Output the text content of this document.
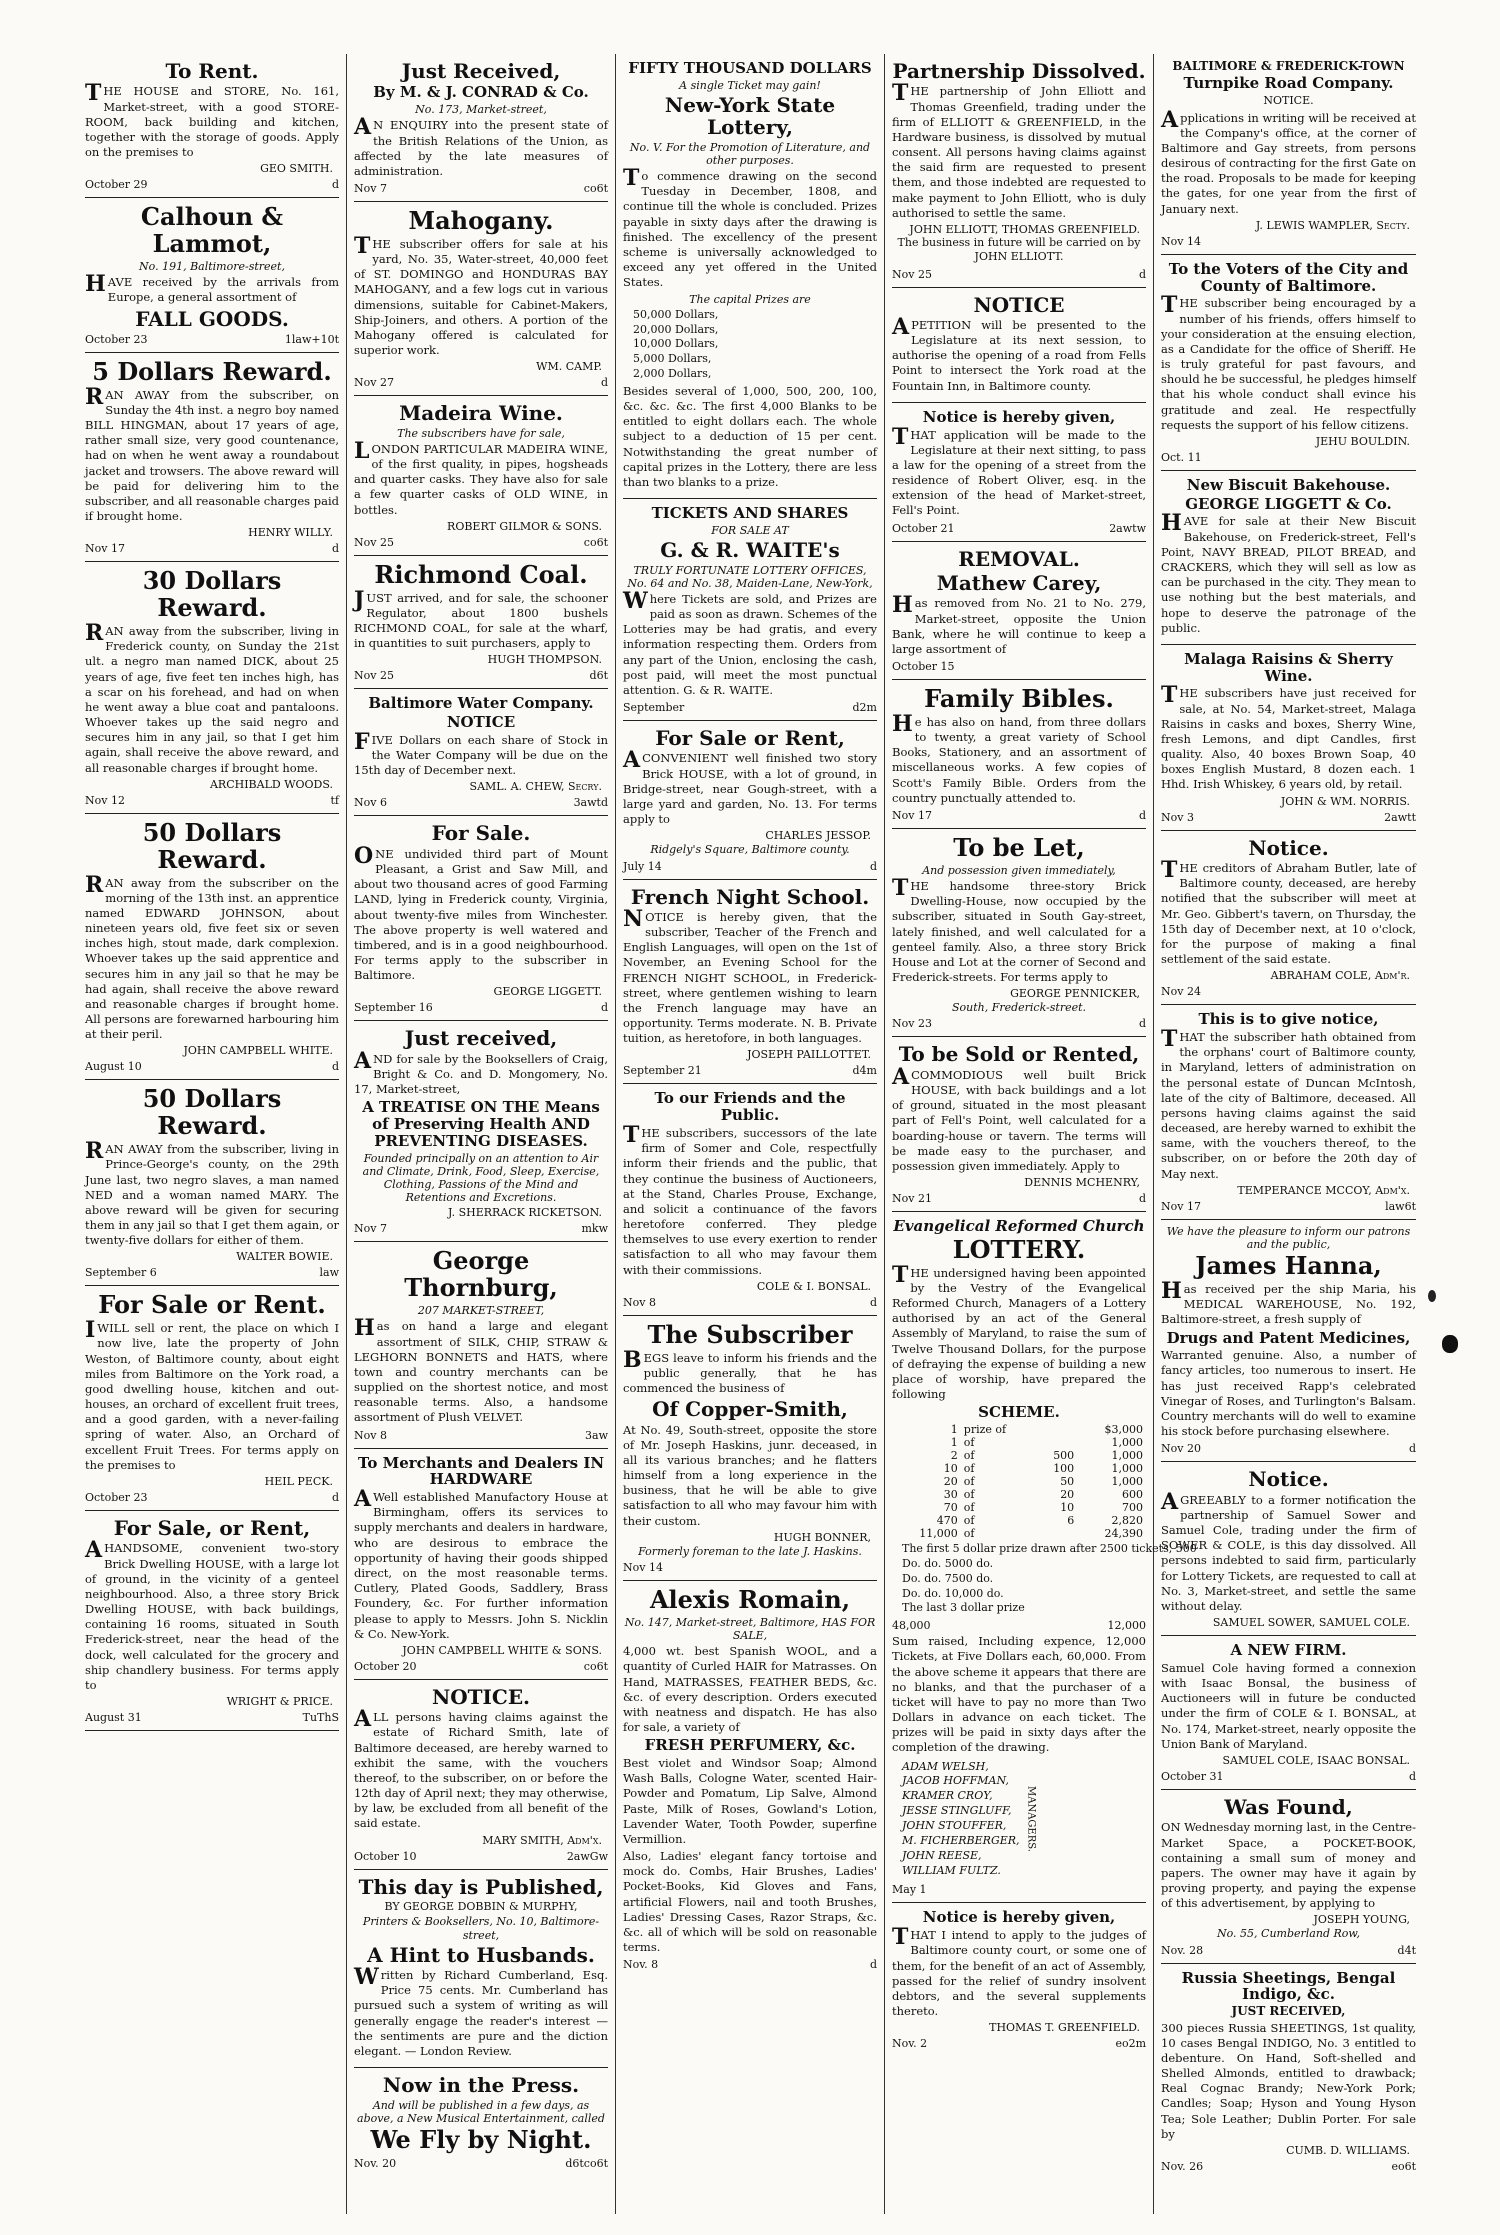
To Rent.
THE HOUSE and STORE, No. 161, Market-street, with a good STORE-ROOM, back building and kitchen, together with the storage of goods. Apply on the premises to
GEO SMITH.
October 29	d
Calhoun & Lammot,
No. 191, Baltimore-street,
HAVE received by the arrivals from Europe, a general assortment of
FALL GOODS.
October 23	1law+10t
5 Dollars Reward.
RAN AWAY from the subscriber, on Sunday the 4th inst. a negro boy named BILL HINGMAN, about 17 years of age, rather small size, very good countenance, had on when he went away a roundabout jacket and trowsers. The above reward will be paid for delivering him to the subscriber, and all reasonable charges paid if brought home.
HENRY WILLY.
Nov 17	d
30 Dollars Reward.
RAN away from the subscriber, living in Frederick county, on Sunday the 21st ult. a negro man named DICK, about 25 years of age, five feet ten inches high, has a scar on his forehead, and had on when he went away a blue coat and pantaloons. Whoever takes up the said negro and secures him in any jail, so that I get him again, shall receive the above reward, and all reasonable charges if brought home.
ARCHIBALD WOODS.
Nov 12	tf
50 Dollars Reward.
RAN away from the subscriber on the morning of the 13th inst. an apprentice named EDWARD JOHNSON, about nineteen years old, five feet six or seven inches high, stout made, dark complexion. Whoever takes up the said apprentice and secures him in any jail so that he may be had again, shall receive the above reward and reasonable charges if brought home. All persons are forewarned harbouring him at their peril.
JOHN CAMPBELL WHITE.
August 10	d
50 Dollars Reward.
RAN AWAY from the subscriber, living in Prince-George's county, on the 29th June last, two negro slaves, a man named NED and a woman named MARY. The above reward will be given for securing them in any jail so that I get them again, or twenty-five dollars for either of them.
WALTER BOWIE.
September 6	law
For Sale or Rent.
IWILL sell or rent, the place on which I now live, late the property of John Weston, of Baltimore county, about eight miles from Baltimore on the York road, a good dwelling house, kitchen and out-houses, an orchard of excellent fruit trees, and a good garden, with a never-failing spring of water. Also, an Orchard of excellent Fruit Trees. For terms apply on the premises to
HEIL PECK.
October 23	d
For Sale, or Rent,
AHANDSOME, convenient two-story Brick Dwelling HOUSE, with a large lot of ground, in the vicinity of a genteel neighbourhood. Also, a three story Brick Dwelling HOUSE, with back buildings, containing 16 rooms, situated in South Frederick-street, near the head of the dock, well calculated for the grocery and ship chandlery business. For terms apply to
WRIGHT & PRICE.
August 31	TuThS
Just Received,
By M. & J. CONRAD & Co.
No. 173, Market-street,
AN ENQUIRY into the present state of the British Relations of the Union, as affected by the late measures of administration.
Nov 7	co6t
Mahogany.
THE subscriber offers for sale at his yard, No. 35, Water-street, 40,000 feet of ST. DOMINGO and HONDURAS BAY MAHOGANY, and a few logs cut in various dimensions, suitable for Cabinet-Makers, Ship-Joiners, and others. A portion of the Mahogany offered is calculated for superior work.
WM. CAMP.
Nov 27	d
Madeira Wine.
The subscribers have for sale,
LONDON PARTICULAR MADEIRA WINE, of the first quality, in pipes, hogsheads and quarter casks. They have also for sale a few quarter casks of OLD WINE, in bottles.
ROBERT GILMOR & SONS.
Nov 25	co6t
Richmond Coal.
JUST arrived, and for sale, the schooner Regulator, about 1800 bushels RICHMOND COAL, for sale at the wharf, in quantities to suit purchasers, apply to
HUGH THOMPSON.
Nov 25	d6t
Baltimore Water Company.
NOTICE
FIVE Dollars on each share of Stock in the Water Company will be due on the 15th day of December next.
SAML. A. CHEW, Secry.
Nov 6	3awtd
For Sale.
ONE undivided third part of Mount Pleasant, a Grist and Saw Mill, and about two thousand acres of good Farming LAND, lying in Frederick county, Virginia, about twenty-five miles from Winchester. The above property is well watered and timbered, and is in a good neighbourhood. For terms apply to the subscriber in Baltimore.
GEORGE LIGGETT.
September 16	d
Just received,
AND for sale by the Booksellers of Craig, Bright & Co. and D. Mongomery, No. 17, Market-street,
A TREATISE ON THE Means of Preserving Health AND PREVENTING DISEASES.
Founded principally on an attention to Air and Climate, Drink, Food, Sleep, Exercise, Clothing, Passions of the Mind and Retentions and Excretions.
J. SHERRACK RICKETSON.
Nov 7	mkw
George Thornburg,
207 MARKET-STREET,
Has on hand a large and elegant assortment of SILK, CHIP, STRAW & LEGHORN BONNETS and HATS, where town and country merchants can be supplied on the shortest notice, and most reasonable terms. Also, a handsome assortment of Plush VELVET.
Nov 8	3aw
To Merchants and Dealers IN HARDWARE
AWell established Manufactory House at Birmingham, offers its services to supply merchants and dealers in hardware, who are desirous to embrace the opportunity of having their goods shipped direct, on the most reasonable terms. Cutlery, Plated Goods, Saddlery, Brass Foundery, &c. For further information please to apply to Messrs. John S. Nicklin & Co. New-York.
JOHN CAMPBELL WHITE & SONS.
October 20	co6t
NOTICE.
ALL persons having claims against the estate of Richard Smith, late of Baltimore deceased, are hereby warned to exhibit the same, with the vouchers thereof, to the subscriber, on or before the 12th day of April next; they may otherwise, by law, be excluded from all benefit of the said estate.
MARY SMITH, Adm'x.
October 10	2awGw
This day is Published,
BY GEORGE DOBBIN & MURPHY,
Printers & Booksellers, No. 10, Baltimore-street,
A Hint to Husbands.
Written by Richard Cumberland, Esq. Price 75 cents. Mr. Cumberland has pursued such a system of writing as will generally engage the reader's interest — the sentiments are pure and the diction elegant. — London Review.
Now in the Press.
And will be published in a few days, as above, a New Musical Entertainment, called
We Fly by Night.
Nov. 20	d6tco6t
FIFTY THOUSAND DOLLARS
A single Ticket may gain!
New-York State Lottery,
No. V. For the Promotion of Literature, and other purposes.
To commence drawing on the second Tuesday in December, 1808, and continue till the whole is concluded. Prizes payable in sixty days after the drawing is finished. The excellency of the present scheme is universally acknowledged to exceed any yet offered in the United States.
The capital Prizes are
50,000 Dollars,
20,000 Dollars,
10,000 Dollars,
5,000 Dollars,
2,000 Dollars,
Besides several of 1,000, 500, 200, 100, &c. &c. &c. The first 4,000 Blanks to be entitled to eight dollars each. The whole subject to a deduction of 15 per cent. Notwithstanding the great number of capital prizes in the Lottery, there are less than two blanks to a prize.
TICKETS AND SHARES
FOR SALE AT
G. & R. WAITE's
TRULY FORTUNATE LOTTERY OFFICES, No. 64 and No. 38, Maiden-Lane, New-York,
Where Tickets are sold, and Prizes are paid as soon as drawn. Schemes of the Lotteries may be had gratis, and every information respecting them. Orders from any part of the Union, enclosing the cash, post paid, will meet the most punctual attention. G. & R. WAITE.
September	d2m
For Sale or Rent,
ACONVENIENT well finished two story Brick HOUSE, with a lot of ground, in Bridge-street, near Gough-street, with a large yard and garden, No. 13. For terms apply to
CHARLES JESSOP.
Ridgely's Square, Baltimore county.
July 14	d
French Night School.
NOTICE is hereby given, that the subscriber, Teacher of the French and English Languages, will open on the 1st of November, an Evening School for the FRENCH NIGHT SCHOOL, in Frederick-street, where gentlemen wishing to learn the French language may have an opportunity. Terms moderate. N. B. Private tuition, as heretofore, in both languages.
JOSEPH PAILLOTTET.
September 21	d4m
To our Friends and the Public.
THE subscribers, successors of the late firm of Somer and Cole, respectfully inform their friends and the public, that they continue the business of Auctioneers, at the Stand, Charles Prouse, Exchange, and solicit a continuance of the favors heretofore conferred. They pledge themselves to use every exertion to render satisfaction to all who may favour them with their commissions.
COLE & I. BONSAL.
Nov 8	d
The Subscriber
BEGS leave to inform his friends and the public generally, that he has commenced the business of
Of Copper-Smith,
At No. 49, South-street, opposite the store of Mr. Joseph Haskins, junr. deceased, in all its various branches; and he flatters himself from a long experience in the business, that he will be able to give satisfaction to all who may favour him with their custom.
HUGH BONNER,
Formerly foreman to the late J. Haskins.
Nov 14
Alexis Romain,
No. 147, Market-street, Baltimore, HAS FOR SALE,
4,000 wt. best Spanish WOOL, and a quantity of Curled HAIR for Matrasses. On Hand, MATRASSES, FEATHER BEDS, &c. &c. of every description. Orders executed with neatness and dispatch. He has also for sale, a variety of
FRESH PERFUMERY, &c.
Best violet and Windsor Soap; Almond Wash Balls, Cologne Water, scented Hair-Powder and Pomatum, Lip Salve, Almond Paste, Milk of Roses, Gowland's Lotion, Lavender Water, Tooth Powder, superfine Vermillion.
Also, Ladies' elegant fancy tortoise and mock do. Combs, Hair Brushes, Ladies' Pocket-Books, Kid Gloves and Fans, artificial Flowers, nail and tooth Brushes, Ladies' Dressing Cases, Razor Straps, &c. &c. all of which will be sold on reasonable terms.
Nov. 8	d
Partnership Dissolved.
THE partnership of John Elliott and Thomas Greenfield, trading under the firm of ELLIOTT & GREENFIELD, in the Hardware business, is dissolved by mutual consent. All persons having claims against the said firm are requested to present them, and those indebted are requested to make payment to John Elliott, who is duly authorised to settle the same.
JOHN ELLIOTT, THOMAS GREENFIELD.
The business in future will be carried on by JOHN ELLIOTT.
Nov 25	d
NOTICE
APETITION will be presented to the Legislature at its next session, to authorise the opening of a road from Fells Point to intersect the York road at the Fountain Inn, in Baltimore county.
Notice is hereby given,
THAT application will be made to the Legislature at their next sitting, to pass a law for the opening of a street from the residence of Robert Oliver, esq. in the extension of the head of Market-street, Fell's Point.
October 21	2awtw
REMOVAL.
Mathew Carey,
Has removed from No. 21 to No. 279, Market-street, opposite the Union Bank, where he will continue to keep a large assortment of
October 15
Family Bibles.
He has also on hand, from three dollars to twenty, a great variety of School Books, Stationery, and an assortment of miscellaneous works. A few copies of Scott's Family Bible. Orders from the country punctually attended to.
Nov 17	d
To be Let,
And possession given immediately,
THE handsome three-story Brick Dwelling-House, now occupied by the subscriber, situated in South Gay-street, lately finished, and well calculated for a genteel family. Also, a three story Brick House and Lot at the corner of Second and Frederick-streets. For terms apply to
GEORGE PENNICKER,
South, Frederick-street.
Nov 23	d
To be Sold or Rented,
ACOMMODIOUS well built Brick HOUSE, with back buildings and a lot of ground, situated in the most pleasant part of Fell's Point, well calculated for a boarding-house or tavern. The terms will be made easy to the purchaser, and possession given immediately. Apply to
DENNIS MCHENRY,
Nov 21	d
Evangelical Reformed Church
LOTTERY.
THE undersigned having been appointed by the Vestry of the Evangelical Reformed Church, Managers of a Lottery authorised by an act of the General Assembly of Maryland, to raise the sum of Twelve Thousand Dollars, for the purpose of defraying the expense of building a new place of worship, have prepared the following
SCHEME.
1	prize of		$3,000
1	of		1,000
2	of	500	1,000
10	of	100	1,000
20	of	50	1,000
30	of	20	600
70	of	10	700
470	of	6	2,820
11,000	of		24,390
The first 5 dollar prize drawn after 2500 tickets, 500
Do. do. 5000 do.
Do. do. 7500 do.
Do. do. 10,000 do.
The last 3 dollar prize
48,000	12,000
Sum raised, Including expence, 12,000 Tickets, at Five Dollars each, 60,000. From the above scheme it appears that there are no blanks, and that the purchaser of a ticket will have to pay no more than Two Dollars in advance on each ticket. The prizes will be paid in sixty days after the completion of the drawing.
ADAM WELSH,
JACOB HOFFMAN,
KRAMER CROY,
JESSE STINGLUFF,
JOHN STOUFFER,
M. FICHERBERGER,
JOHN REESE,
WILLIAM FULTZ.
MANAGERS.
May 1
Notice is hereby given,
THAT I intend to apply to the judges of Baltimore county court, or some one of them, for the benefit of an act of Assembly, passed for the relief of sundry insolvent debtors, and the several supplements thereto.
THOMAS T. GREENFIELD.
Nov. 2	eo2m
BALTIMORE & FREDERICK-TOWN
Turnpike Road Company.
NOTICE.
Applications in writing will be received at the Company's office, at the corner of Baltimore and Gay streets, from persons desirous of contracting for the first Gate on the road. Proposals to be made for keeping the gates, for one year from the first of January next.
J. LEWIS WAMPLER, Secty.
Nov 14
To the Voters of the City and County of Baltimore.
THE subscriber being encouraged by a number of his friends, offers himself to your consideration at the ensuing election, as a Candidate for the office of Sheriff. He is truly grateful for past favours, and should he be successful, he pledges himself that his whole conduct shall evince his gratitude and zeal. He respectfully requests the support of his fellow citizens.
JEHU BOULDIN.
Oct. 11
New Biscuit Bakehouse.
GEORGE LIGGETT & Co.
HAVE for sale at their New Biscuit Bakehouse, on Frederick-street, Fell's Point, NAVY BREAD, PILOT BREAD, and CRACKERS, which they will sell as low as can be purchased in the city. They mean to use nothing but the best materials, and hope to deserve the patronage of the public.
Malaga Raisins & Sherry Wine.
THE subscribers have just received for sale, at No. 54, Market-street, Malaga Raisins in casks and boxes, Sherry Wine, fresh Lemons, and dipt Candles, first quality. Also, 40 boxes Brown Soap, 40 boxes English Mustard, 8 dozen each. 1 Hhd. Irish Whiskey, 6 years old, by retail.
JOHN & WM. NORRIS.
Nov 3	2awtt
Notice.
THE creditors of Abraham Butler, late of Baltimore county, deceased, are hereby notified that the subscriber will meet at Mr. Geo. Gibbert's tavern, on Thursday, the 15th day of December next, at 10 o'clock, for the purpose of making a final settlement of the said estate.
ABRAHAM COLE, Adm'r.
Nov 24
This is to give notice,
THAT the subscriber hath obtained from the orphans' court of Baltimore county, in Maryland, letters of administration on the personal estate of Duncan McIntosh, late of the city of Baltimore, deceased. All persons having claims against the said deceased, are hereby warned to exhibit the same, with the vouchers thereof, to the subscriber, on or before the 20th day of May next.
TEMPERANCE MCCOY, Adm'x.
Nov 17	law6t
We have the pleasure to inform our patrons and the public,
James Hanna,
Has received per the ship Maria, his MEDICAL WAREHOUSE, No. 192, Baltimore-street, a fresh supply of
Drugs and Patent Medicines,
Warranted genuine. Also, a number of fancy articles, too numerous to insert. He has just received Rapp's celebrated Vinegar of Roses, and Turlington's Balsam. Country merchants will do well to examine his stock before purchasing elsewhere.
Nov 20	d
Notice.
AGREEABLY to a former notification the partnership of Samuel Sower and Samuel Cole, trading under the firm of SOWER & COLE, is this day dissolved. All persons indebted to said firm, particularly for Lottery Tickets, are requested to call at No. 3, Market-street, and settle the same without delay.
SAMUEL SOWER, SAMUEL COLE.
A NEW FIRM.
Samuel Cole having formed a connexion with Isaac Bonsal, the business of Auctioneers will in future be conducted under the firm of COLE & I. BONSAL, at No. 174, Market-street, nearly opposite the Union Bank of Maryland.
SAMUEL COLE, ISAAC BONSAL.
October 31	d
Was Found,
ON Wednesday morning last, in the Centre-Market Space, a POCKET-BOOK, containing a small sum of money and papers. The owner may have it again by proving property, and paying the expense of this advertisement, by applying to
JOSEPH YOUNG,
No. 55, Cumberland Row,
Nov. 28	d4t
Russia Sheetings, Bengal Indigo, &c.
JUST RECEIVED,
300 pieces Russia SHEETINGS, 1st quality, 10 cases Bengal INDIGO, No. 3 entitled to debenture. On Hand, Soft-shelled and Shelled Almonds, entitled to drawback; Real Cognac Brandy; New-York Pork; Candles; Soap; Hyson and Young Hyson Tea; Sole Leather; Dublin Porter. For sale by
CUMB. D. WILLIAMS.
Nov. 26	eo6t
